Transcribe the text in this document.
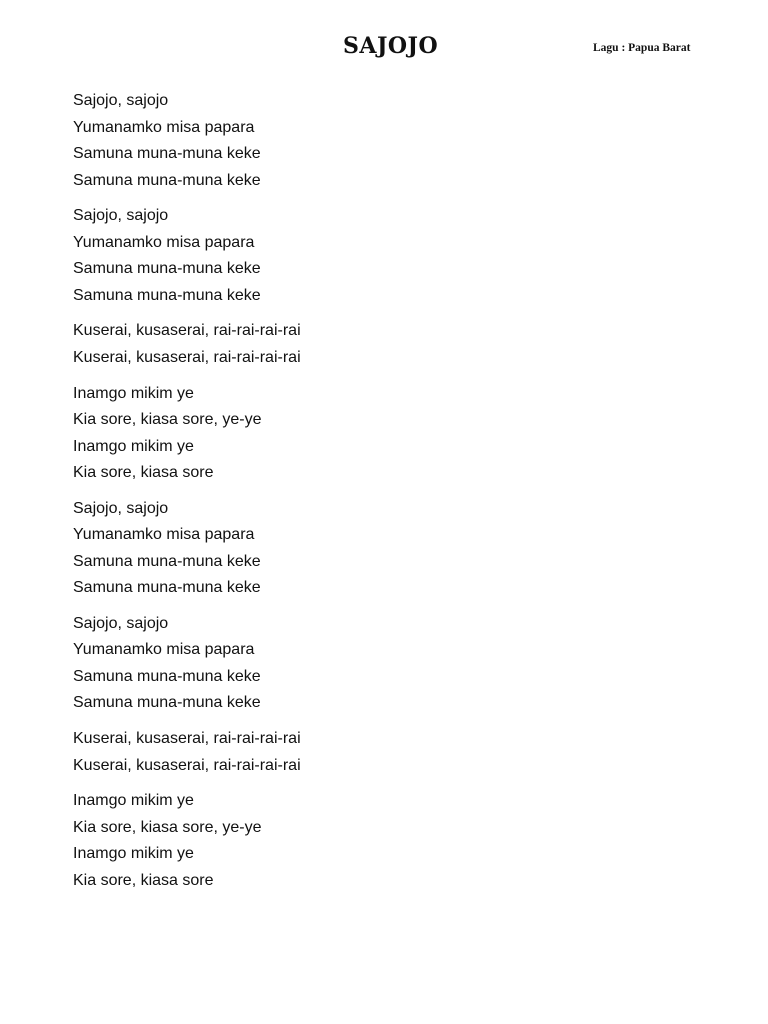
SAJOJO	Lagu : Papua Barat
Sajojo, sajojo
Yumanamko misa papara
Samuna muna-muna keke
Samuna muna-muna keke
Sajojo, sajojo
Yumanamko misa papara
Samuna muna-muna keke
Samuna muna-muna keke
Kuserai, kusaserai, rai-rai-rai-rai
Kuserai, kusaserai, rai-rai-rai-rai
Inamgo mikim ye
Kia sore, kiasa sore, ye-ye
Inamgo mikim ye
Kia sore, kiasa sore
Sajojo, sajojo
Yumanamko misa papara
Samuna muna-muna keke
Samuna muna-muna keke
Sajojo, sajojo
Yumanamko misa papara
Samuna muna-muna keke
Samuna muna-muna keke
Kuserai, kusaserai, rai-rai-rai-rai
Kuserai, kusaserai, rai-rai-rai-rai
Inamgo mikim ye
Kia sore, kiasa sore, ye-ye
Inamgo mikim ye
Kia sore, kiasa sore
